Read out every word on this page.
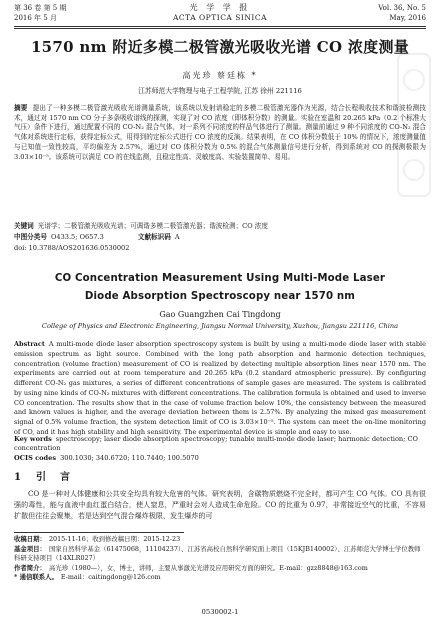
第 36 卷 第 5 期
2016 年 5 月
光 学 学 报
ACTA OPTICA SINICA
Vol. 36, No. 5
May, 2016
1570 nm 附近多模二极管激光吸收光谱 CO 浓度测量
高光珍 蔡廷栋 *
江苏师范大学物理与电子工程学院, 江苏 徐州 221116
摘要 提出了一种多模二极管激光吸收光谱测量系统，该系统以发射谱稳定的多模二极管激光器作为光源，结合长程吸收技术和谐波检测技术，通过对 1570 nm CO 分子多条吸收谱线的探测，实现了对 CO 浓度（即体积分数）的测量。实验在室温和 20.265 kPa（0.2 个标准大气压）条件下进行，通过配置不同的 CO-N₂ 混合气体，对一系列不同浓度的样品气体进行了测量。测量前通过 9 种不同浓度的 CO-N₂ 混合气体对系统进行定标，获得定标公式，用得到的定标公式进行 CO 浓度的反演。结果表明，在 CO 体积分数低于 10% 的情况下，浓度测量值与已知值一致性较高，平均偏差为 2.57%，通过对 CO 体积分数为 0.5% 的混合气体测量信号进行分析，得到系统对 CO 的探测极限为 3.03×10⁻⁵。该系统可以满足 CO 的在线监测，且稳定性高、灵敏度高、实验装置简单、易用。
关键词 光谱学；二极管激光吸收光谱；可调谐多模二极管激光器；谐波检测；CO 浓度
中图分类号 O433.5; O657.3	文献标识码 A
doi: 10.3788/AOS201636.0530002
CO Concentration Measurement Using Multi-Mode Laser
Diode Absorption Spectroscopy near 1570 nm
Gao Guangzhen Cai Tingdong
College of Physics and Electronic Engineering, Jiangsu Normal University, Xuzhou, Jiangsu 221116, China
Abstract A multi-mode diode laser absorption spectroscopy system is built by using a multi-mode diode laser with stable emission spectrum as light source. Combined with the long path absorption and harmonic detection techniques, concentration (volume fraction) measurement of CO is realized by detecting multiple absorption lines near 1570 nm. The experiments are carried out at room temperature and 20.265 kPa (0.2 standard atmospheric pressure). By configuring different CO-N₂ gas mixtures, a series of different concentrations of sample gases are measured. The system is calibrated by using nine kinds of CO-N₂ mixtures with different concentrations. The calibration formula is obtained and used to inverse CO concentration. The results show that in the case of volume fraction below 10%, the consistency between the measured and known values is higher, and the average deviation between them is 2.57%. By analyzing the mixed gas measurement signal of 0.5% volume fraction, the system detection limit of CO is 3.03×10⁻⁵. The system can meet the on-line monitoring of CO, and it has high stability and high sensitivity. The experimental device is simple and easy to use.
Key words spectroscopy; laser diode absorption spectroscopy; tunable multi-mode diode laser; harmonic detection; CO concentration
OCIS codes 300.1030; 340.6720; 110.7440; 100.5070
1 引言
CO 是一种对人体健康和公共安全均具有较大危害的气体。研究表明，含碳物质燃烧不完全时，都可产生 CO 气体。CO 具有很强的毒性，能与血液中血红蛋白结合，使人窒息，严重时会对人造成生命危险。CO 的比重为 0.97，非常接近空气的比重，不容易扩散但往往会聚集，若是达到空气混合爆炸极限，发生爆炸的可
收稿日期： 2015-11-16；收到修改稿日期：2015-12-23
基金项目： 国家自然科学基金（61475068，11104237）、江苏省高校自然科学研究面上项目（15KJB140002）、江苏师范大学博士学位教师科研支持项目（14XLR027）
作者简介： 高光珍（1980—），女，博士，讲师，主要从事激光光谱及应用研究方面的研究。E-mail：gzz8848@163.com
* 通信联系人。 E-mail：caitingdong@126.com
0530002-1
